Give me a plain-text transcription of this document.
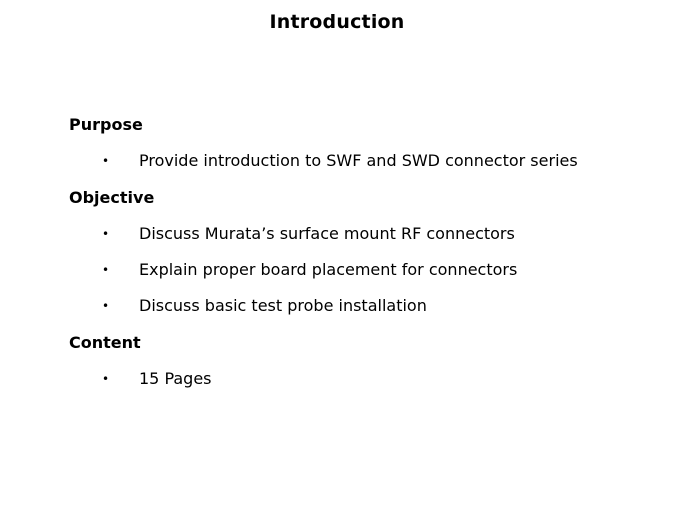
Introduction
Purpose
• Provide introduction to SWF and SWD connector series
Objective
• Discuss Murata’s surface mount RF connectors
• Explain proper board placement for connectors
• Discuss basic test probe installation
Content
• 15 Pages
